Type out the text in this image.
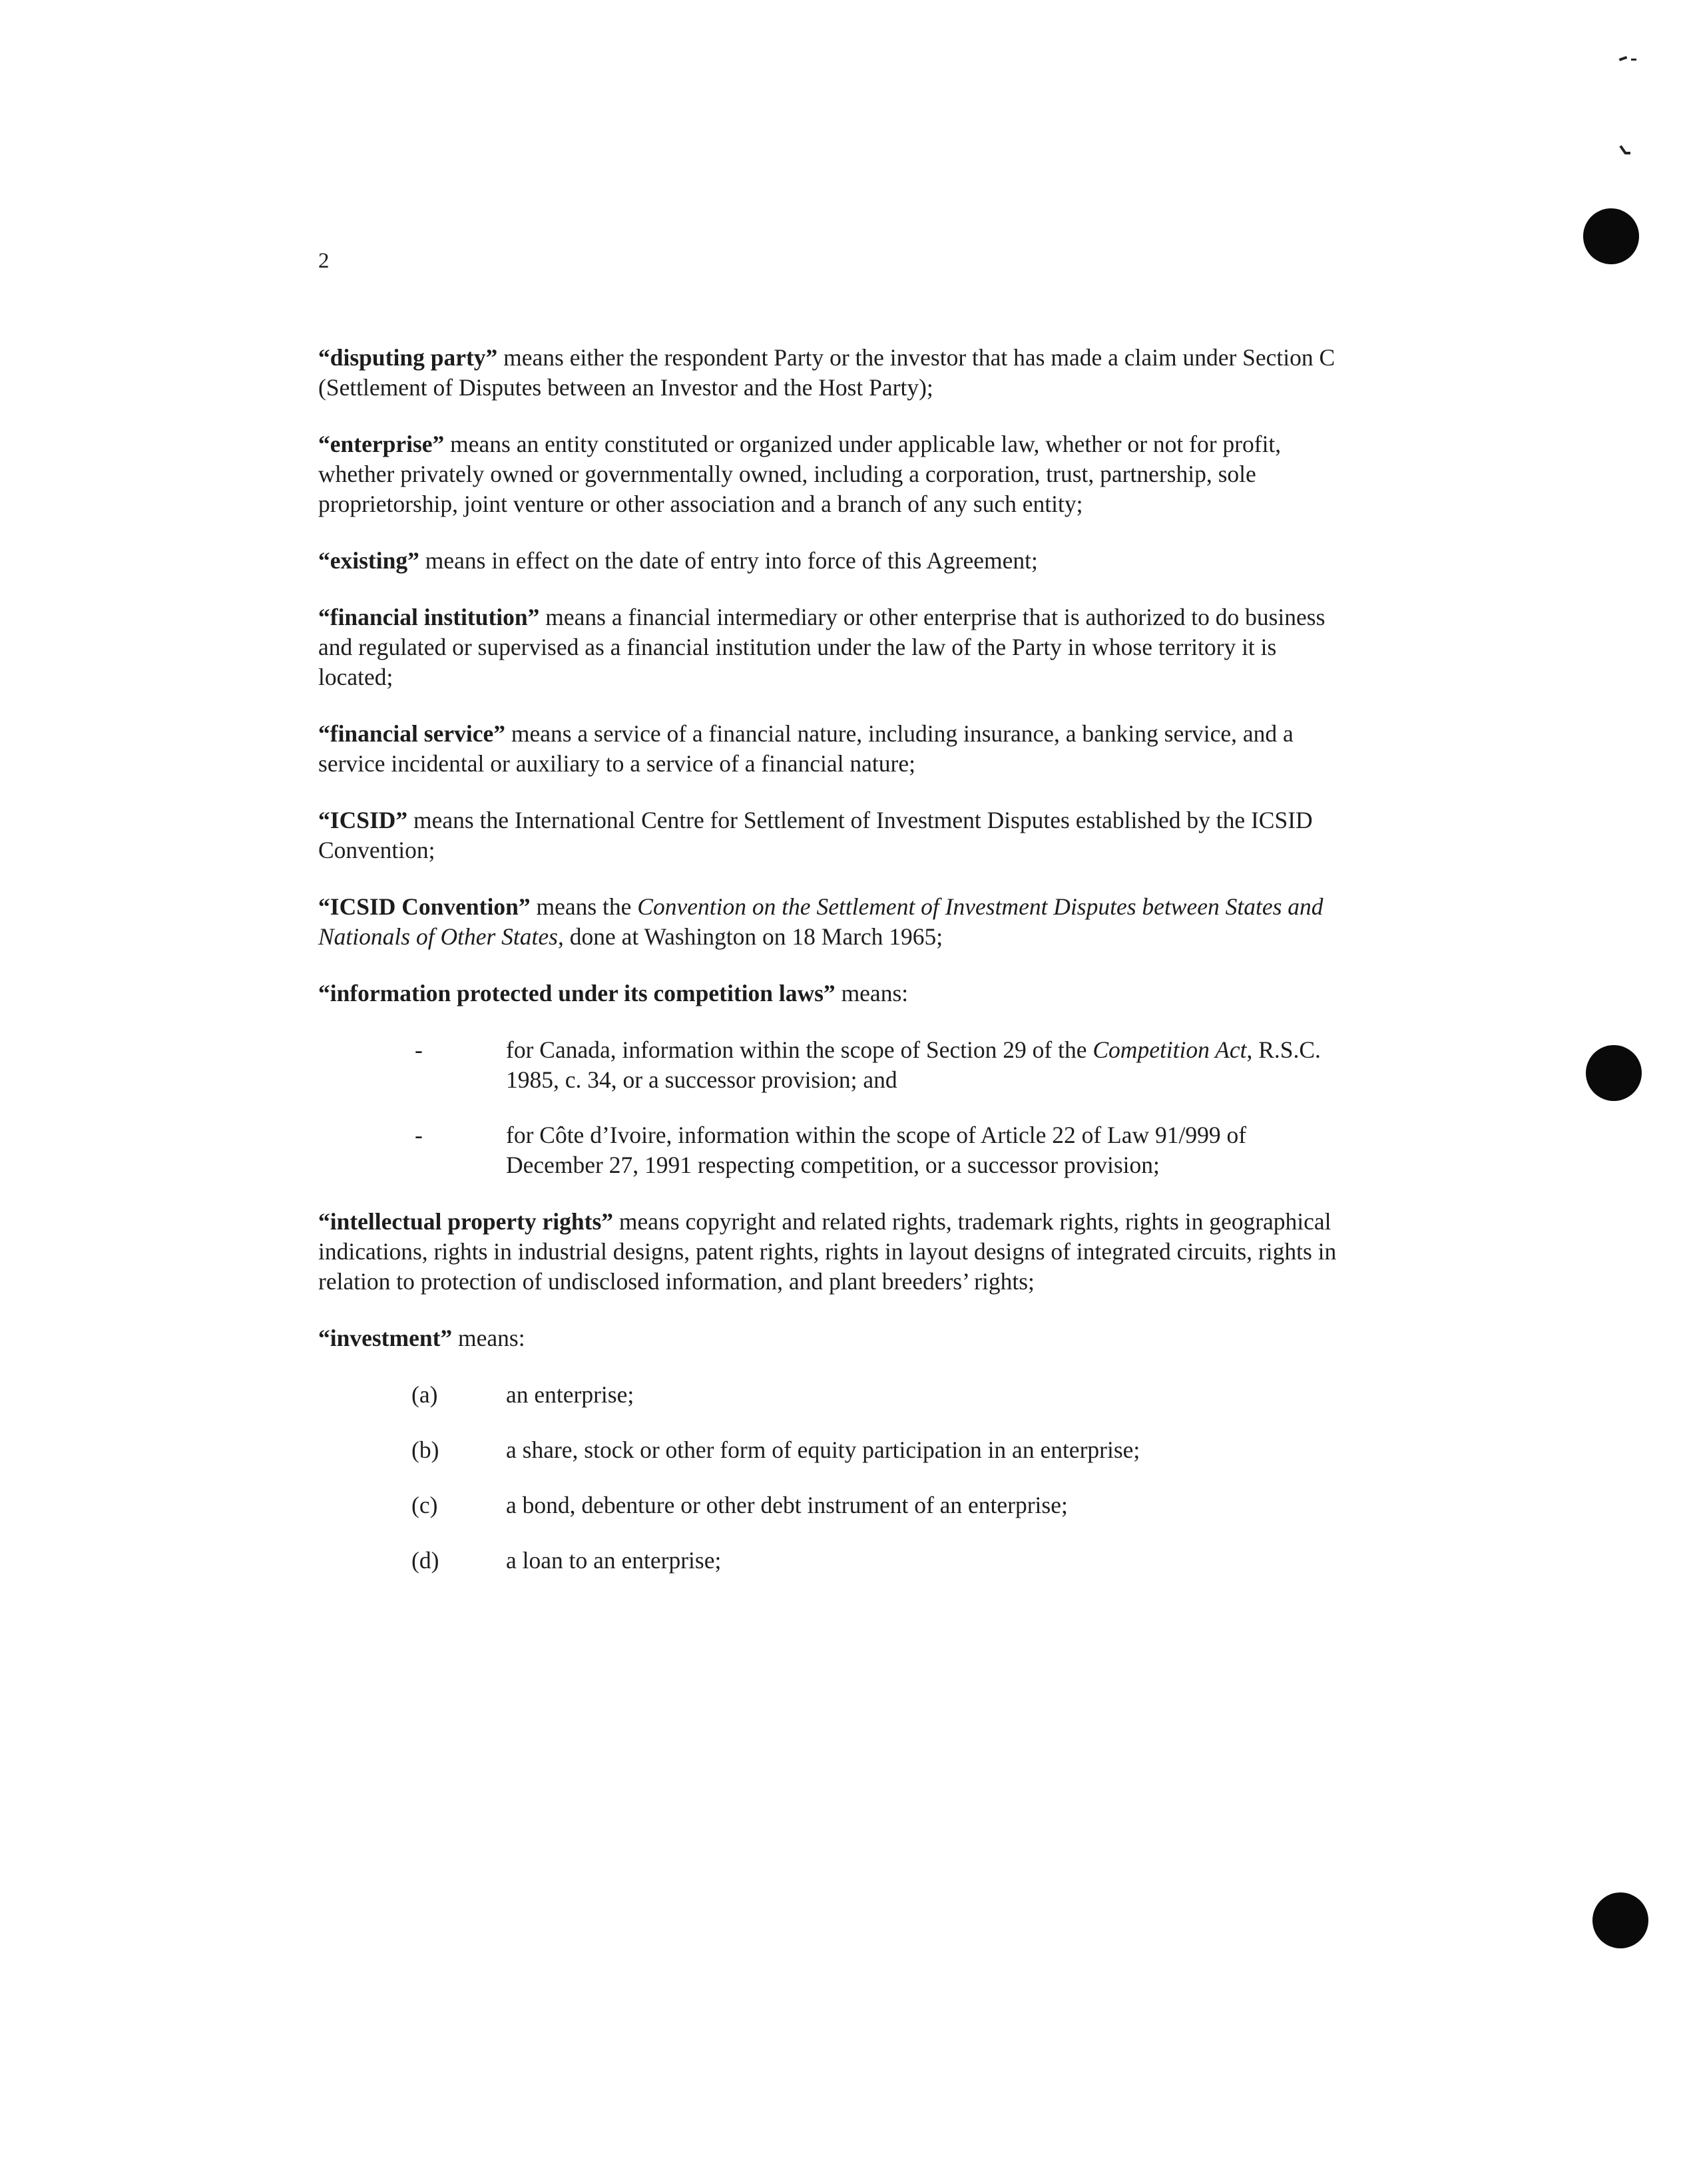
2

“disputing party” means either the respondent Party or the investor that has made a claim under Section C (Settlement of Disputes between an Investor and the Host Party);

“enterprise” means an entity constituted or organized under applicable law, whether or not for profit, whether privately owned or governmentally owned, including a corporation, trust, partnership, sole proprietorship, joint venture or other association and a branch of any such entity;

“existing” means in effect on the date of entry into force of this Agreement;

“financial institution” means a financial intermediary or other enterprise that is authorized to do business and regulated or supervised as a financial institution under the law of the Party in whose territory it is located;

“financial service” means a service of a financial nature, including insurance, a banking service, and a service incidental or auxiliary to a service of a financial nature;

“ICSID” means the International Centre for Settlement of Investment Disputes established by the ICSID Convention;

“ICSID Convention” means the Convention on the Settlement of Investment Disputes between States and Nationals of Other States, done at Washington on 18 March 1965;

“information protected under its competition laws” means:

-	for Canada, information within the scope of Section 29 of the Competition Act, R.S.C. 1985, c. 34, or a successor provision; and
-	for Côte d’Ivoire, information within the scope of Article 22 of Law 91/999 of December 27, 1991 respecting competition, or a successor provision;

“intellectual property rights” means copyright and related rights, trademark rights, rights in geographical indications, rights in industrial designs, patent rights, rights in layout designs of integrated circuits, rights in relation to protection of undisclosed information, and plant breeders’ rights;

“investment” means:

(a)	an enterprise;
(b)	a share, stock or other form of equity participation in an enterprise;
(c)	a bond, debenture or other debt instrument of an enterprise;
(d)	a loan to an enterprise;
